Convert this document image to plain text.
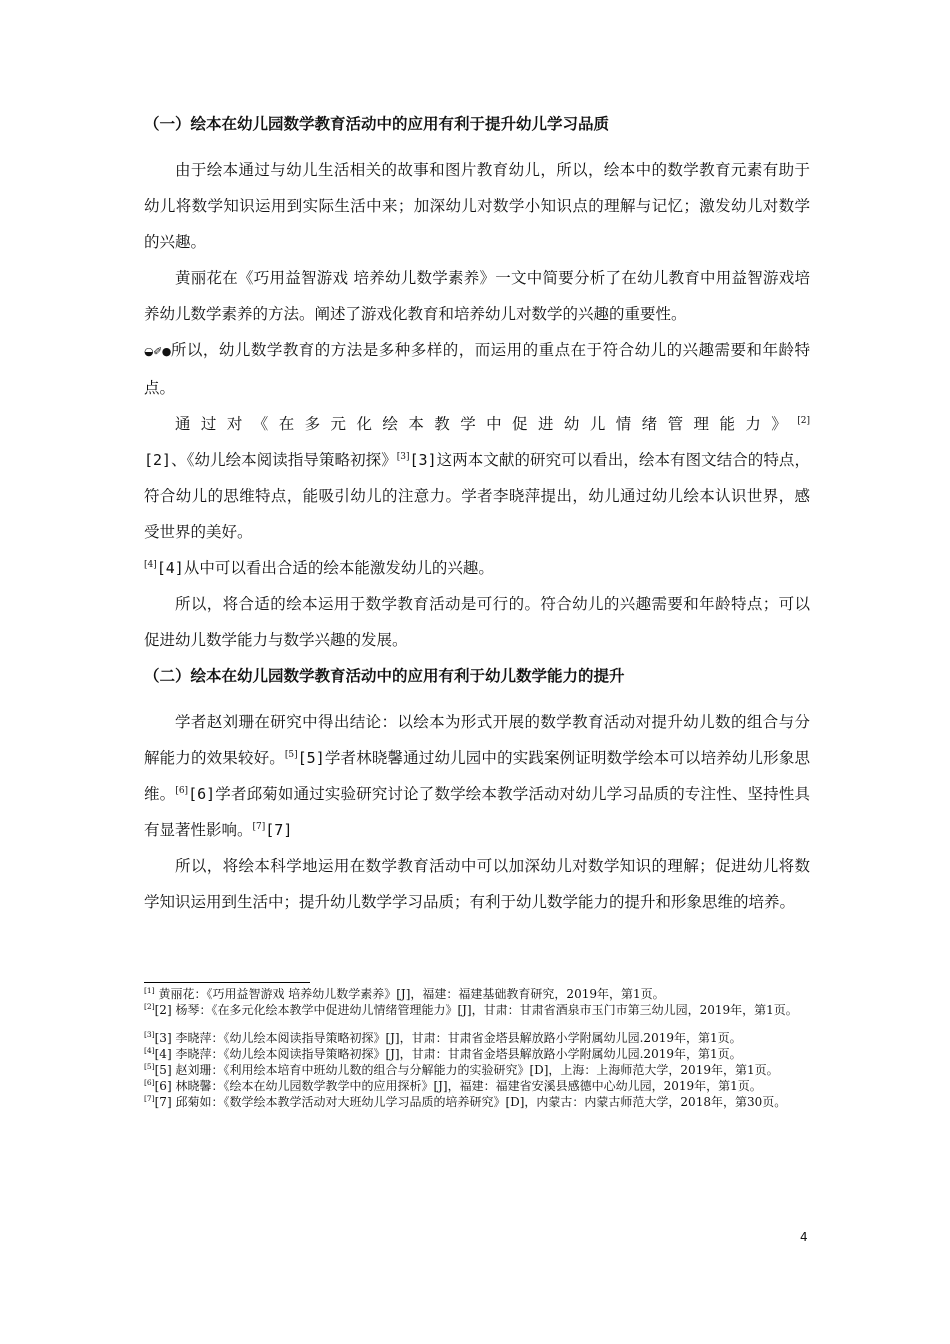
（一）绘本在幼儿园数学教育活动中的应用有利于提升幼儿学习品质

由于绘本通过与幼儿生活相关的故事和图片教育幼儿，所以，绘本中的数学教育元素有助于幼儿将数学知识运用到实际生活中来；加深幼儿对数学小知识点的理解与记忆；激发幼儿对数学的兴趣。

黄丽花在《巧用益智游戏 培养幼儿数学素养》一文中简要分析了在幼儿教育中用益智游戏培养幼儿数学素养的方法。阐述了游戏化教育和培养幼儿对数学的兴趣的重要性。
◒✐●所以，幼儿数学教育的方法是多种多样的，而运用的重点在于符合幼儿的兴趣需要和年龄特点。

通过对《在多元化绘本教学中促进幼儿情绪管理能力》[2][2]、《幼儿绘本阅读指导策略初探》[3][3]这两本文献的研究可以看出，绘本有图文结合的特点，符合幼儿的思维特点，能吸引幼儿的注意力。学者李晓萍提出，幼儿通过幼儿绘本认识世界，感受世界的美好。
[4][4]从中可以看出合适的绘本能激发幼儿的兴趣。

所以，将合适的绘本运用于数学教育活动是可行的。符合幼儿的兴趣需要和年龄特点；可以促进幼儿数学能力与数学兴趣的发展。

（二）绘本在幼儿园数学教育活动中的应用有利于幼儿数学能力的提升

学者赵刘珊在研究中得出结论：以绘本为形式开展的数学教育活动对提升幼儿数的组合与分解能力的效果较好。[5][5]学者林晓馨通过幼儿园中的实践案例证明数学绘本可以培养幼儿形象思维。[6][6]学者邱菊如通过实验研究讨论了数学绘本教学活动对幼儿学习品质的专注性、坚持性具有显著性影响。[7][7]

所以，将绘本科学地运用在数学教育活动中可以加深幼儿对数学知识的理解；促进幼儿将数学知识运用到生活中；提升幼儿数学学习品质；有利于幼儿数学能力的提升和形象思维的培养。

[1] 黄丽花：《巧用益智游戏 培养幼儿数学素养》[J]，福建：福建基础教育研究，2019年，第1页。

[2][2] 杨琴：《在多元化绘本教学中促进幼儿情绪管理能力》[J]，甘肃：甘肃省酒泉市玉门市第三幼儿园，2019年，第1页。

[3][3] 李晓萍：《幼儿绘本阅读指导策略初探》[J]，甘肃：甘肃省金塔县解放路小学附属幼儿园.2019年，第1页。

[4][4] 李晓萍：《幼儿绘本阅读指导策略初探》[J]，甘肃：甘肃省金塔县解放路小学附属幼儿园.2019年，第1页。

[5][5] 赵刘珊：《利用绘本培育中班幼儿数的组合与分解能力的实验研究》[D]，上海：上海师范大学，2019年，第1页。

[6][6] 林晓馨：《绘本在幼儿园数学教学中的应用探析》[J]，福建：福建省安溪县感德中心幼儿园，2019年，第1页。

[7][7] 邱菊如：《数学绘本教学活动对大班幼儿学习品质的培养研究》[D]，内蒙古：内蒙古师范大学，2018年，第30页。

4
